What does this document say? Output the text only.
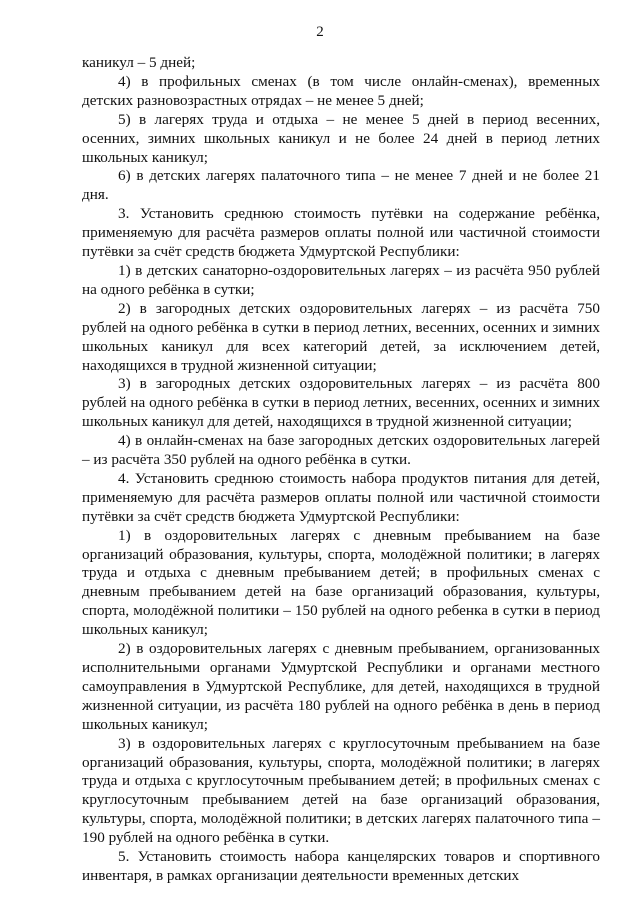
2

каникул – 5 дней;

4) в профильных сменах (в том числе онлайн-сменах), временных детских разновозрастных отрядах – не менее 5 дней;

5) в лагерях труда и отдыха – не менее 5 дней в период весенних, осенних, зимних школьных каникул и не более 24 дней в период летних школьных каникул;

6) в детских лагерях палаточного типа – не менее 7 дней и не более 21 дня.

3. Установить среднюю стоимость путёвки на содержание ребёнка, применяемую для расчёта размеров оплаты полной или частичной стоимости путёвки за счёт средств бюджета Удмуртской Республики:

1) в детских санаторно-оздоровительных лагерях – из расчёта 950 рублей на одного ребёнка в сутки;

2) в загородных детских оздоровительных лагерях – из расчёта 750 рублей на одного ребёнка в сутки в период летних, весенних, осенних и зимних школьных каникул для всех категорий детей, за исключением детей, находящихся в трудной жизненной ситуации;

3) в загородных детских оздоровительных лагерях – из расчёта 800 рублей на одного ребёнка в сутки в период летних, весенних, осенних и зимних школьных каникул для детей, находящихся в трудной жизненной ситуации;

4) в онлайн-сменах на базе загородных детских оздоровительных лагерей – из расчёта 350 рублей на одного ребёнка в сутки.

4. Установить среднюю стоимость набора продуктов питания для детей, применяемую для расчёта размеров оплаты полной или частичной стоимости путёвки за счёт средств бюджета Удмуртской Республики:

1) в оздоровительных лагерях с дневным пребыванием на базе организаций образования, культуры, спорта, молодёжной политики; в лагерях труда и отдыха с дневным пребыванием детей; в профильных сменах с дневным пребыванием детей на базе организаций образования, культуры, спорта, молодёжной политики – 150 рублей на одного ребенка в сутки в период школьных каникул;

2) в оздоровительных лагерях с дневным пребыванием, организованных исполнительными органами Удмуртской Республики и органами местного самоуправления в Удмуртской Республике, для детей, находящихся в трудной жизненной ситуации, из расчёта 180 рублей на одного ребёнка в день в период школьных каникул;

3) в оздоровительных лагерях с круглосуточным пребыванием на базе организаций образования, культуры, спорта, молодёжной политики; в лагерях труда и отдыха с круглосуточным пребыванием детей; в профильных сменах с круглосуточным пребыванием детей на базе организаций образования, культуры, спорта, молодёжной политики; в детских лагерях палаточного типа – 190 рублей на одного ребёнка в сутки.

5. Установить стоимость набора канцелярских товаров и спортивного инвентаря, в рамках организации деятельности временных детских
